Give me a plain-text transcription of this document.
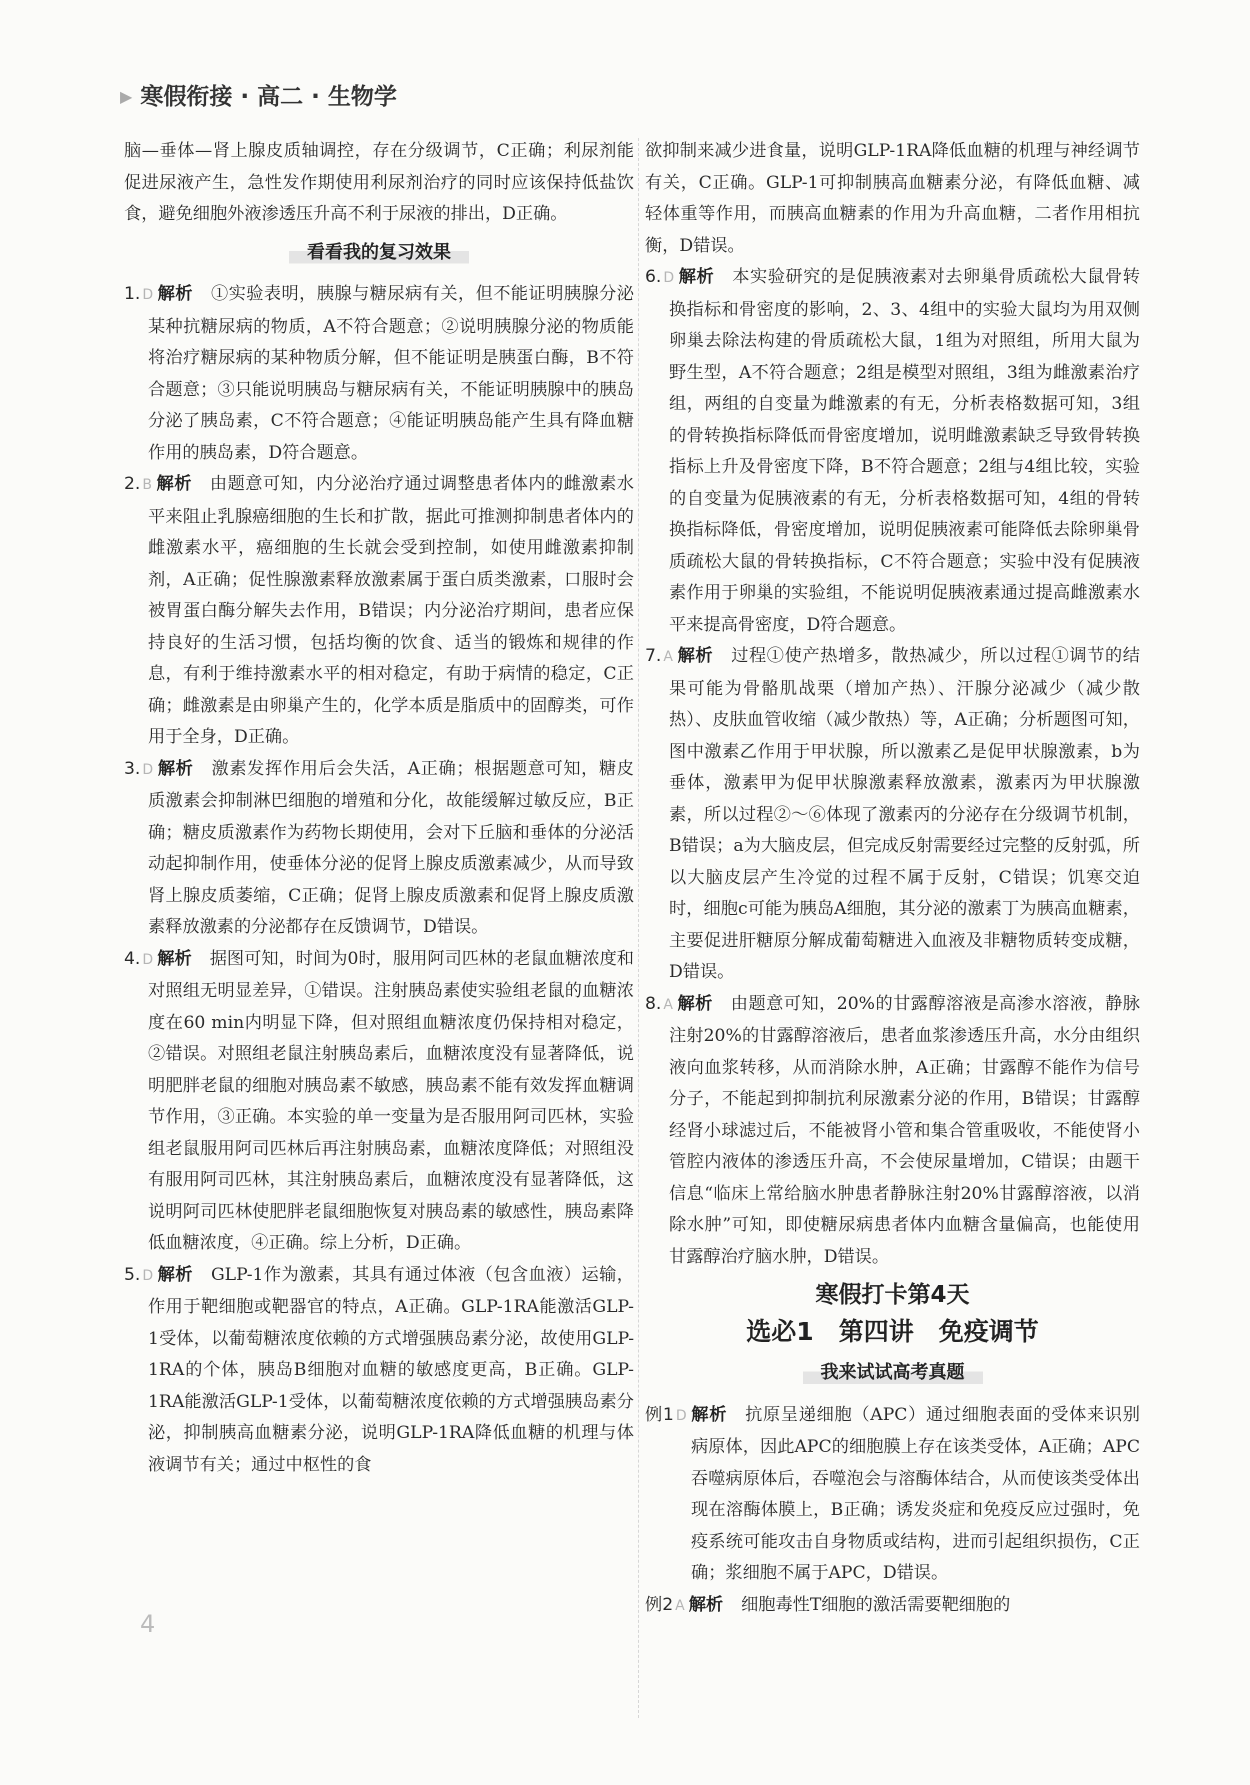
▶ 寒假衔接 · 高二 · 生物学

脑—垂体—肾上腺皮质轴调控，存在分级调节，C正确；利尿剂能促进尿液产生，急性发作期使用利尿剂治疗的同时应该保持低盐饮食，避免细胞外液渗透压升高不利于尿液的排出，D正确。

看看我的复习效果

1. D 解析 ①实验表明，胰腺与糖尿病有关，但不能证明胰腺分泌某种抗糖尿病的物质，A不符合题意；②说明胰腺分泌的物质能将治疗糖尿病的某种物质分解，但不能证明是胰蛋白酶，B不符合题意；③只能说明胰岛与糖尿病有关，不能证明胰腺中的胰岛分泌了胰岛素，C不符合题意；④能证明胰岛能产生具有降血糖作用的胰岛素，D符合题意。

2. B 解析 由题意可知，内分泌治疗通过调整患者体内的雌激素水平来阻止乳腺癌细胞的生长和扩散，据此可推测抑制患者体内的雌激素水平，癌细胞的生长就会受到控制，如使用雌激素抑制剂，A正确；促性腺激素释放激素属于蛋白质类激素，口服时会被胃蛋白酶分解失去作用，B错误；内分泌治疗期间，患者应保持良好的生活习惯，包括均衡的饮食、适当的锻炼和规律的作息，有利于维持激素水平的相对稳定，有助于病情的稳定，C正确；雌激素是由卵巢产生的，化学本质是脂质中的固醇类，可作用于全身，D正确。

3. D 解析 激素发挥作用后会失活，A正确；根据题意可知，糖皮质激素会抑制淋巴细胞的增殖和分化，故能缓解过敏反应，B正确；糖皮质激素作为药物长期使用，会对下丘脑和垂体的分泌活动起抑制作用，使垂体分泌的促肾上腺皮质激素减少，从而导致肾上腺皮质萎缩，C正确；促肾上腺皮质激素和促肾上腺皮质激素释放激素的分泌都存在反馈调节，D错误。

4. D 解析 据图可知，时间为0时，服用阿司匹林的老鼠血糖浓度和对照组无明显差异，①错误。注射胰岛素使实验组老鼠的血糖浓度在60 min内明显下降，但对照组血糖浓度仍保持相对稳定，②错误。对照组老鼠注射胰岛素后，血糖浓度没有显著降低，说明肥胖老鼠的细胞对胰岛素不敏感，胰岛素不能有效发挥血糖调节作用，③正确。本实验的单一变量为是否服用阿司匹林，实验组老鼠服用阿司匹林后再注射胰岛素，血糖浓度降低；对照组没有服用阿司匹林，其注射胰岛素后，血糖浓度没有显著降低，这说明阿司匹林使肥胖老鼠细胞恢复对胰岛素的敏感性，胰岛素降低血糖浓度，④正确。综上分析，D正确。

5. D 解析 GLP-1作为激素，其具有通过体液（包含血液）运输，作用于靶细胞或靶器官的特点，A正确。GLP-1RA能激活GLP-1受体，以葡萄糖浓度依赖的方式增强胰岛素分泌，故使用GLP-1RA的个体，胰岛B细胞对血糖的敏感度更高，B正确。GLP-1RA能激活GLP-1受体，以葡萄糖浓度依赖的方式增强胰岛素分泌，抑制胰高血糖素分泌，说明GLP-1RA降低血糖的机理与体液调节有关；通过中枢性的食

欲抑制来减少进食量，说明GLP-1RA降低血糖的机理与神经调节有关，C正确。GLP-1可抑制胰高血糖素分泌，有降低血糖、减轻体重等作用，而胰高血糖素的作用为升高血糖，二者作用相抗衡，D错误。

6. D 解析 本实验研究的是促胰液素对去卵巢骨质疏松大鼠骨转换指标和骨密度的影响，2、3、4组中的实验大鼠均为用双侧卵巢去除法构建的骨质疏松大鼠，1组为对照组，所用大鼠为野生型，A不符合题意；2组是模型对照组，3组为雌激素治疗组，两组的自变量为雌激素的有无，分析表格数据可知，3组的骨转换指标降低而骨密度增加，说明雌激素缺乏导致骨转换指标上升及骨密度下降，B不符合题意；2组与4组比较，实验的自变量为促胰液素的有无，分析表格数据可知，4组的骨转换指标降低，骨密度增加，说明促胰液素可能降低去除卵巢骨质疏松大鼠的骨转换指标，C不符合题意；实验中没有促胰液素作用于卵巢的实验组，不能说明促胰液素通过提高雌激素水平来提高骨密度，D符合题意。

7. A 解析 过程①使产热增多，散热减少，所以过程①调节的结果可能为骨骼肌战栗（增加产热）、汗腺分泌减少（减少散热）、皮肤血管收缩（减少散热）等，A正确；分析题图可知，图中激素乙作用于甲状腺，所以激素乙是促甲状腺激素，b为垂体，激素甲为促甲状腺激素释放激素，激素丙为甲状腺激素，所以过程②～⑥体现了激素丙的分泌存在分级调节机制，B错误；a为大脑皮层，但完成反射需要经过完整的反射弧，所以大脑皮层产生冷觉的过程不属于反射，C错误；饥寒交迫时，细胞c可能为胰岛A细胞，其分泌的激素丁为胰高血糖素，主要促进肝糖原分解成葡萄糖进入血液及非糖物质转变成糖，D错误。

8. A 解析 由题意可知，20%的甘露醇溶液是高渗水溶液，静脉注射20%的甘露醇溶液后，患者血浆渗透压升高，水分由组织液向血浆转移，从而消除水肿，A正确；甘露醇不能作为信号分子，不能起到抑制抗利尿激素分泌的作用，B错误；甘露醇经肾小球滤过后，不能被肾小管和集合管重吸收，不能使肾小管腔内液体的渗透压升高，不会使尿量增加，C错误；由题干信息“临床上常给脑水肿患者静脉注射20%甘露醇溶液，以消除水肿”可知，即使糖尿病患者体内血糖含量偏高，也能使用甘露醇治疗脑水肿，D错误。

寒假打卡第4天
选必1　第四讲　免疫调节
我来试试高考真题

例1 D 解析 抗原呈递细胞（APC）通过细胞表面的受体来识别病原体，因此APC的细胞膜上存在该类受体，A正确；APC吞噬病原体后，吞噬泡会与溶酶体结合，从而使该类受体出现在溶酶体膜上，B正确；诱发炎症和免疫反应过强时，免疫系统可能攻击自身物质或结构，进而引起组织损伤，C正确；浆细胞不属于APC，D错误。

例2 A 解析 细胞毒性T细胞的激活需要靶细胞的

4
